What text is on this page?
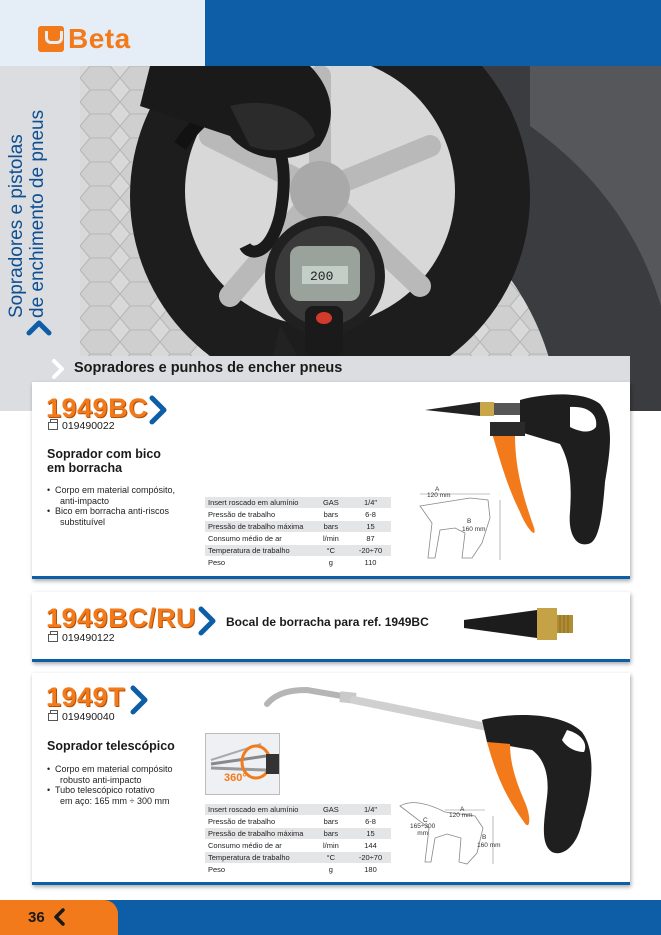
Beta
Sopradores e pistolas de enchimento de pneus	200
Sopradores e punhos de encher pneus
1949BC
019490022
Soprador com bico
em borracha
• Corpo em material compósito,
anti-impacto
• Bico em borracha anti-riscos
substituível
Insert roscado em alumínio	GAS	1/4"
Pressão de trabalho	bars	6-8
Pressão de trabalho máxima	bars	15
Consumo médio de ar	l/min	87
Temperatura de trabalho	°C	-20÷70
Peso	g	110
A
120 mm
B
160 mm
1949BC/RU
019490122
Bocal de borracha para ref. 1949BC
1949T
019490040
Soprador telescópico
• Corpo em material compósito
robusto anti-impacto
• Tubo telescópico rotativo
em aço: 165 mm ÷ 300 mm
360°
Insert roscado em alumínio	GAS	1/4"
Pressão de trabalho	bars	6-8
Pressão de trabalho máxima	bars	15
Consumo médio de ar	l/min	144
Temperatura de trabalho	°C	-20÷70
Peso	g	180
A
120 mm
C
165÷300
mm
B
160 mm
36
